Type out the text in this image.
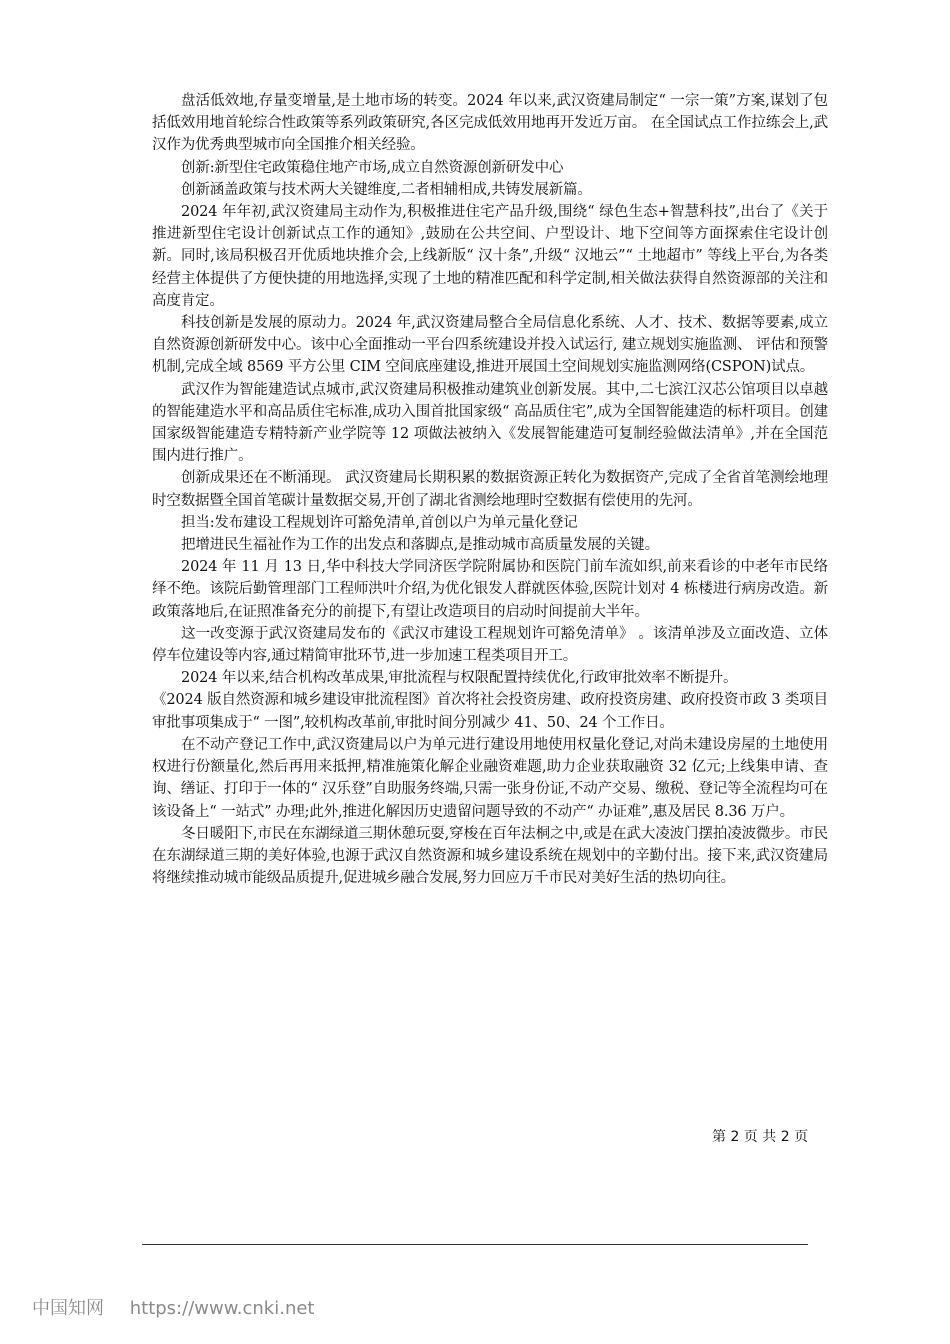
盘活低效地,存量变增量,是土地市场的转变。2024 年以来,武汉资建局制定“ 一宗一策”方案,谋划了包括低效用地首轮综合性政策等系列政策研究,各区完成低效用地再开发近万亩。 在全国试点工作拉练会上,武汉作为优秀典型城市向全国推介相关经验。

创新:新型住宅政策稳住地产市场,成立自然资源创新研发中心

创新涵盖政策与技术两大关键维度,二者相辅相成,共铸发展新篇。

2024 年年初,武汉资建局主动作为,积极推进住宅产品升级,围绕“ 绿色生态+智慧科技”,出台了《关于推进新型住宅设计创新试点工作的通知》,鼓励在公共空间、户型设计、地下空间等方面探索住宅设计创新。同时,该局积极召开优质地块推介会,上线新版“ 汉十条”,升级“ 汉地云”“ 土地超市” 等线上平台,为各类经营主体提供了方便快捷的用地选择,实现了土地的精准匹配和科学定制,相关做法获得自然资源部的关注和高度肯定。

科技创新是发展的原动力。2024 年,武汉资建局整合全局信息化系统、人才、技术、数据等要素,成立自然资源创新研发中心。该中心全面推动一平台四系统建设并投入试运行, 建立规划实施监测、 评估和预警机制,完成全域 8569 平方公里 CIM 空间底座建设,推进开展国土空间规划实施监测网络(CSPON)试点。

武汉作为智能建造试点城市,武汉资建局积极推动建筑业创新发展。其中,二七滨江汉芯公馆项目以卓越的智能建造水平和高品质住宅标准,成功入围首批国家级“ 高品质住宅”,成为全国智能建造的标杆项目。创建国家级智能建造专精特新产业学院等 12 项做法被纳入《发展智能建造可复制经验做法清单》,并在全国范围内进行推广。

创新成果还在不断涌现。 武汉资建局长期积累的数据资源正转化为数据资产,完成了全省首笔测绘地理时空数据暨全国首笔碳计量数据交易,开创了湖北省测绘地理时空数据有偿使用的先河。

担当:发布建设工程规划许可豁免清单,首创以户为单元量化登记

把增进民生福祉作为工作的出发点和落脚点,是推动城市高质量发展的关键。

2024 年 11 月 13 日,华中科技大学同济医学院附属协和医院门前车流如织,前来看诊的中老年市民络绎不绝。该院后勤管理部门工程师洪叶介绍,为优化银发人群就医体验,医院计划对 4 栋楼进行病房改造。新政策落地后,在证照准备充分的前提下,有望让改造项目的启动时间提前大半年。

这一改变源于武汉资建局发布的《武汉市建设工程规划许可豁免清单》 。该清单涉及立面改造、立体停车位建设等内容,通过精简审批环节,进一步加速工程类项目开工。

2024 年以来,结合机构改革成果,审批流程与权限配置持续优化,行政审批效率不断提升。

《2024 版自然资源和城乡建设审批流程图》首次将社会投资房建、政府投资房建、政府投资市政 3 类项目审批事项集成于“ 一图”,较机构改革前,审批时间分别减少 41、50、24 个工作日。

在不动产登记工作中,武汉资建局以户为单元进行建设用地使用权量化登记,对尚未建设房屋的土地使用权进行份额量化,然后再用来抵押,精准施策化解企业融资难题,助力企业获取融资 32 亿元;上线集申请、查询、缮证、打印于一体的“ 汉乐登”自助服务终端,只需一张身份证,不动产交易、缴税、登记等全流程均可在该设备上“ 一站式” 办理;此外,推进化解因历史遗留问题导致的不动产“ 办证难”,惠及居民 8.36 万户。

冬日暖阳下,市民在东湖绿道三期休憩玩耍,穿梭在百年法桐之中,或是在武大凌波门摆拍凌波微步。市民在东湖绿道三期的美好体验,也源于武汉自然资源和城乡建设系统在规划中的辛勤付出。接下来,武汉资建局将继续推动城市能级品质提升,促进城乡融合发展,努力回应万千市民对美好生活的热切向往。

第 2 页 共 2 页
中国知网 https://www.cnki.net
